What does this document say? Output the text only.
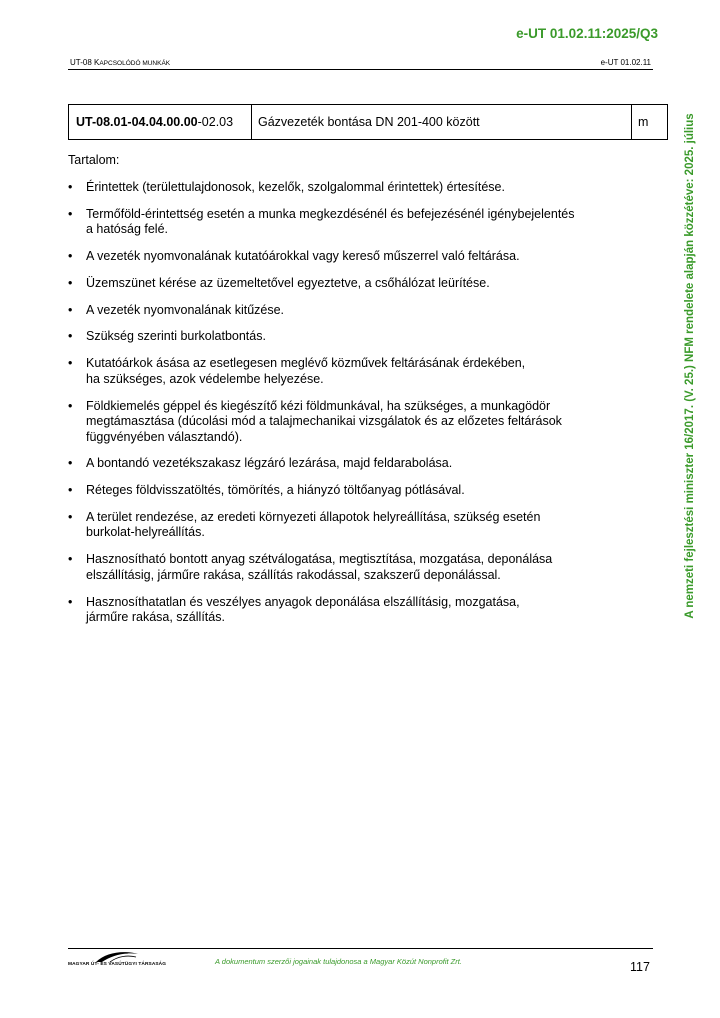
e-UT 01.02.11:2025/Q3
UT-08 KAPCSOLÓDÓ MUNKÁK	e-UT 01.02.11
UT-08.01-04.04.00.00-02.03	Gázvezeték bontása DN 201-400 között	m
Tartalom:
•	Érintettek (területtulajdonosok, kezelők, szolgalommal érintettek) értesítése.
•	Termőföld-érintettség esetén a munka megkezdésénél és befejezésénél igénybejelentés
a hatóság felé.
•	A vezeték nyomvonalának kutatóárokkal vagy kereső műszerrel való feltárása.
•	Üzemszünet kérése az üzemeltetővel egyeztetve, a csőhálózat leürítése.
•	A vezeték nyomvonalának kitűzése.
•	Szükség szerinti burkolatbontás.
•	Kutatóárkok ásása az esetlegesen meglévő közművek feltárásának érdekében,
ha szükséges, azok védelembe helyezése.
•	Földkiemelés géppel és kiegészítő kézi földmunkával, ha szükséges, a munkagödör
megtámasztása (dúcolási mód a talajmechanikai vizsgálatok és az előzetes feltárások
függvényében választandó).
•	A bontandó vezetékszakasz légzáró lezárása, majd feldarabolása.
•	Réteges földvisszatöltés, tömörítés, a hiányzó töltőanyag pótlásával.
•	A terület rendezése, az eredeti környezeti állapotok helyreállítása, szükség esetén
burkolat-helyreállítás.
•	Hasznosítható bontott anyag szétválogatása, megtisztítása, mozgatása, deponálása
elszállításig, járműre rakása, szállítás rakodással, szakszerű deponálással.
•	Hasznosíthatatlan és veszélyes anyagok deponálása elszállításig, mozgatása,
járműre rakása, szállítás.	A nemzeti fejlesztési miniszter 16/2017. (V. 25.) NFM rendelete alapján közzétéve: 2025. július
MAGYAR ÚT- ÉS VASÚTÜGYI TÁRSASÁG	A dokumentum szerzői jogainak tulajdonosa a Magyar Közút Nonprofit Zrt.	117
